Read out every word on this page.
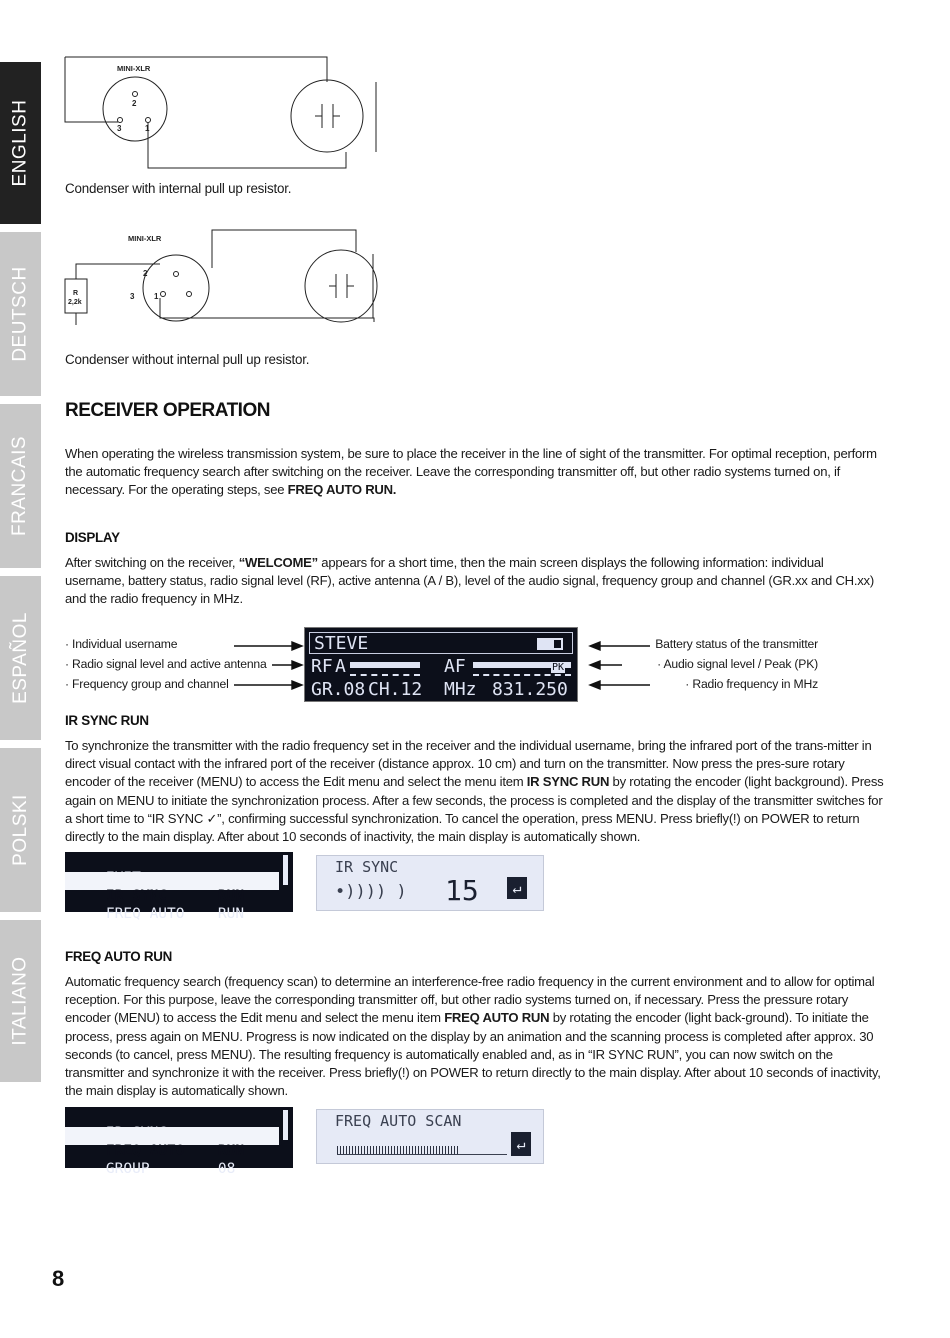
ENGLISH
DEUTSCH
FRANCAIS
ESPAÑOL
POLSKI
ITALIANO
MINI-XLR
2
3	1
Condenser with internal pull up resistor.
MINI-XLR
2
3 1
R
2,2k
Condenser without internal pull up resistor.
RECEIVER OPERATION
When operating the wireless transmission system, be sure to place the receiver in the line of sight of the transmitter. For optimal reception, perform the automatic frequency search after switching on the receiver. Leave the corresponding transmitter off, but other radio systems turned on, if necessary. For the operating steps, see FREQ AUTO RUN.
DISPLAY
After switching on the receiver, “WELCOME” appears for a short time, then the main screen displays the following information: individual username, battery status, radio signal level (RF), active antenna (A / B), level of the audio signal, frequency group and channel (GR.xx and CH.xx) and the radio frequency in MHz.
· Individual username
· Radio signal level and active antenna
· Frequency group and channel
Battery status of the transmitter
· Audio signal level / Peak (PK)
· Radio frequency in MHz
STEVE
RF A	AF	PK
GR.08 CH.12 MHz 831.250
IR SYNC RUN
To synchronize the transmitter with the radio frequency set in the receiver and the individual username, bring the infrared port of the trans-mitter in direct visual contact with the infrared port of the receiver (distance approx. 10 cm) and turn on the transmitter. Now press the pres-sure rotary encoder of the receiver (MENU) to access the Edit menu and select the menu item IR SYNC RUN by rotating the encoder (light background). Press again on MENU to initiate the synchronization process. After a few seconds, the process is completed and the display of the transmitter switches for a short time to “IR SYNC ✓”, confirming successful synchronization. To cancel the operation, press MENU. Press briefly(!) on POWER to return directly to the main display. After about 10 seconds of inactivity, the main display is automatically shown.

IR SYNC	RUN

FREQ AUTO RUN

IR SYNC
•)))) ) 15	↵
FREQ AUTO RUN
Automatic frequency search (frequency scan) to determine an interference-free radio frequency in the current environment and to allow for optimal reception. For this purpose, leave the corresponding transmitter off, but other radio systems turned on, if necessary. Press the pressure rotary encoder (MENU) to access the Edit menu and select the menu item FREQ AUTO RUN by rotating the encoder (light back-ground). To initiate the process, press again on MENU. Progress is now indicated on the display by an animation and the scanning process is completed after approx. 30 seconds (to cancel, press MENU). The resulting frequency is automatically enabled and, as in “IR SYNC RUN”, you can now switch on the transmitter and synchronize it with the receiver. Press briefly(!) on POWER to return directly to the main display. After about 10 seconds of inactivity, the main display is automatically shown.

FREQ AUTO RUN

GROUP	08

FREQ AUTO SCAN
↵
8
